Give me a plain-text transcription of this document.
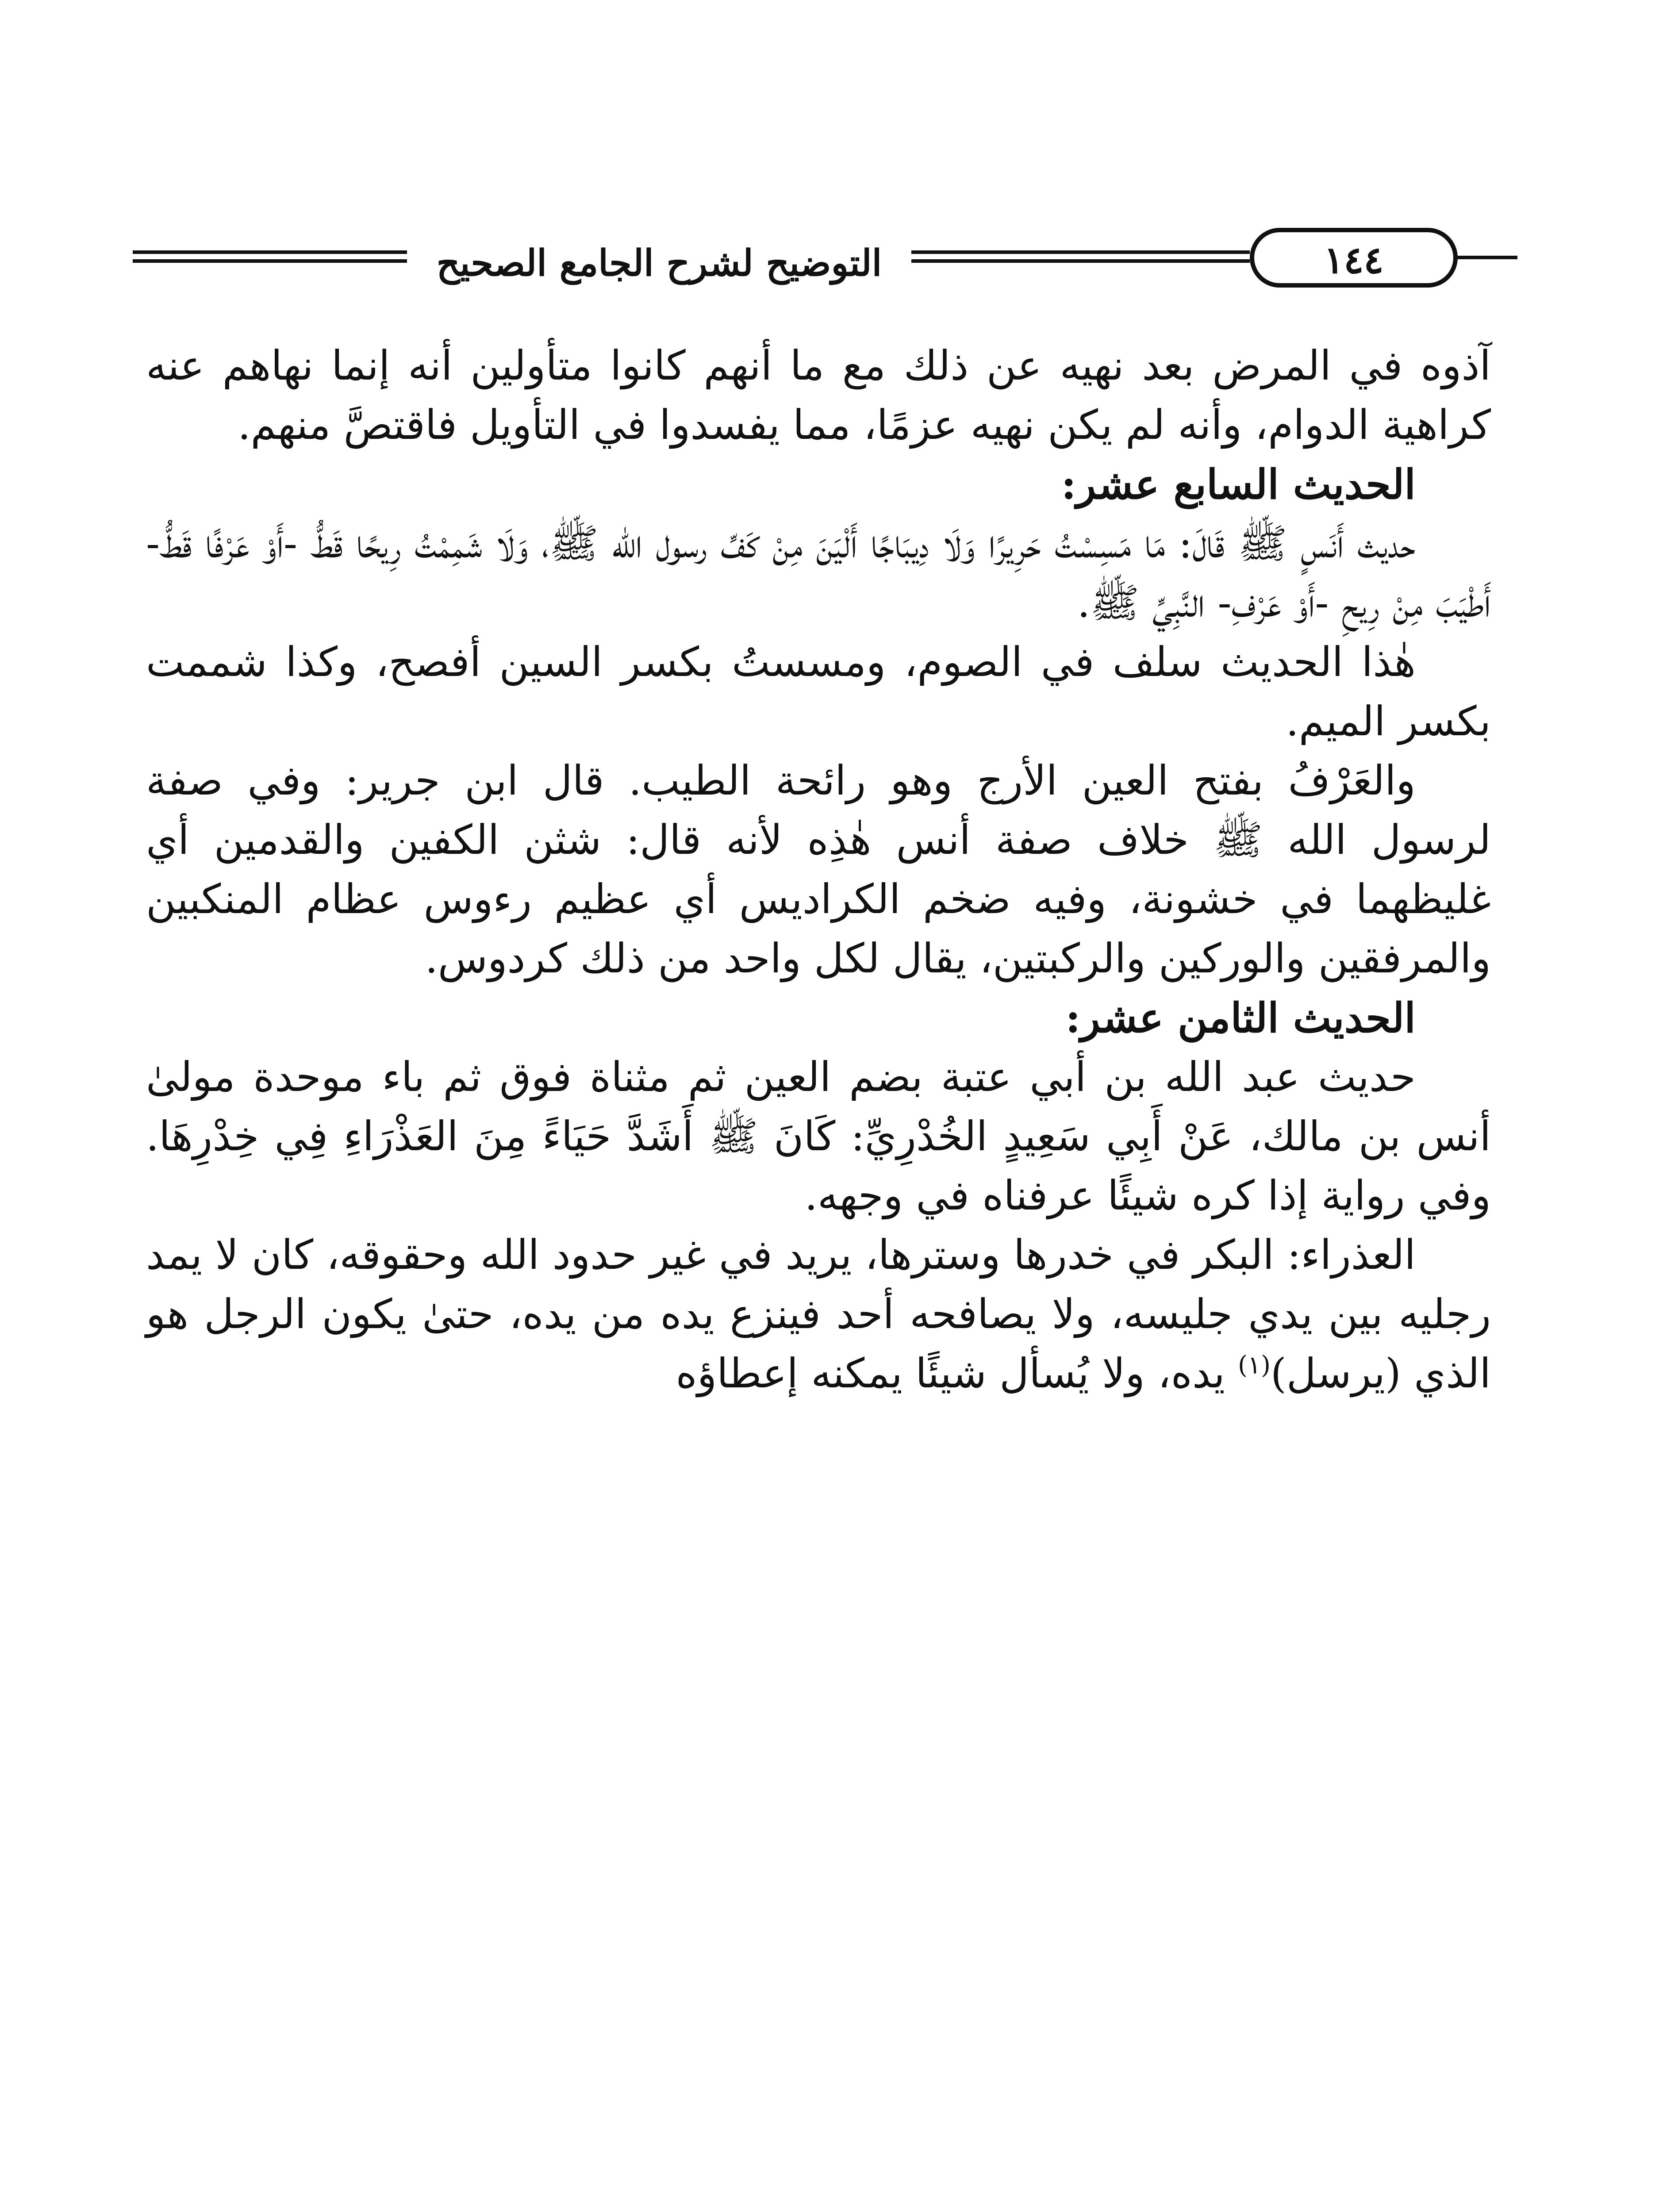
١٤٤
التوضيح لشرح الجامع الصحيح

آذوه في المرض بعد نهيه عن ذلك مع ما أنهم كانوا متأولين أنه إنما نهاهم عنه كراهية الدوام، وأنه لم يكن نهيه عزمًا، مما يفسدوا في التأويل فاقتصَّ منهم.

الحديث السابع عشر:

حديث أَنَسٍ ﷺ قَالَ: مَا مَسِسْتُ حَرِيرًا وَلَا دِيبَاجًا أَلْيَنَ مِنْ كَفِّ رسول الله ﷺ، وَلَا شَمِمْتُ رِيحًا قَطُّ -أَوْ عَرْفًا قَطُّ- أَطْيَبَ مِنْ رِيحِ -أَوْ عَرْفِ- النَّبِيِّ ﷺ.

هٰذا الحديث سلف في الصوم، ومسستُ بكسر السين أفصح، وكذا شممت بكسر الميم.

والعَرْفُ بفتح العين الأرج وهو رائحة الطيب. قال ابن جرير: وفي صفة لرسول الله ﷺ خلاف صفة أنس هٰذِه لأنه قال: شثن الكفين والقدمين أي غليظهما في خشونة، وفيه ضخم الكراديس أي عظيم رءوس عظام المنكبين والمرفقين والوركين والركبتين، يقال لكل واحد من ذلك كردوس.

الحديث الثامن عشر:

حديث عبد الله بن أبي عتبة بضم العين ثم مثناة فوق ثم باء موحدة مولىٰ أنس بن مالك، عَنْ أَبِي سَعِيدٍ الخُدْرِيِّ: كَانَ ﷺ أَشَدَّ حَيَاءً مِنَ العَذْرَاءِ فِي خِدْرِهَا. وفي رواية إذا كره شيئًا عرفناه في وجهه.

العذراء: البكر في خدرها وسترها، يريد في غير حدود الله وحقوقه، كان لا يمد رجليه بين يدي جليسه، ولا يصافحه أحد فينزع يده من يده، حتىٰ يكون الرجل هو الذي (يرسل)$^{(١)}$ يده، ولا يُسأل شيئًا يمكنه إعطاؤه
